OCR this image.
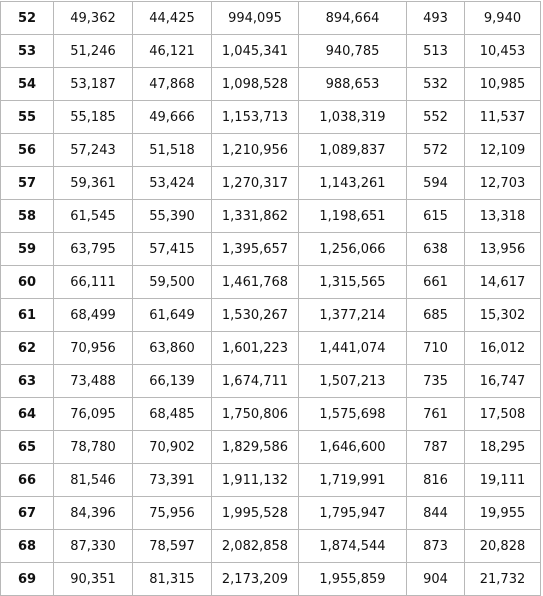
52	49,362	44,425	994,095	894,664	493	9,940
53	51,246	46,121	1,045,341	940,785	513	10,453
54	53,187	47,868	1,098,528	988,653	532	10,985
55	55,185	49,666	1,153,713	1,038,319	552	11,537
56	57,243	51,518	1,210,956	1,089,837	572	12,109
57	59,361	53,424	1,270,317	1,143,261	594	12,703
58	61,545	55,390	1,331,862	1,198,651	615	13,318
59	63,795	57,415	1,395,657	1,256,066	638	13,956
60	66,111	59,500	1,461,768	1,315,565	661	14,617
61	68,499	61,649	1,530,267	1,377,214	685	15,302
62	70,956	63,860	1,601,223	1,441,074	710	16,012
63	73,488	66,139	1,674,711	1,507,213	735	16,747
64	76,095	68,485	1,750,806	1,575,698	761	17,508
65	78,780	70,902	1,829,586	1,646,600	787	18,295
66	81,546	73,391	1,911,132	1,719,991	816	19,111
67	84,396	75,956	1,995,528	1,795,947	844	19,955
68	87,330	78,597	2,082,858	1,874,544	873	20,828
69	90,351	81,315	2,173,209	1,955,859	904	21,732
